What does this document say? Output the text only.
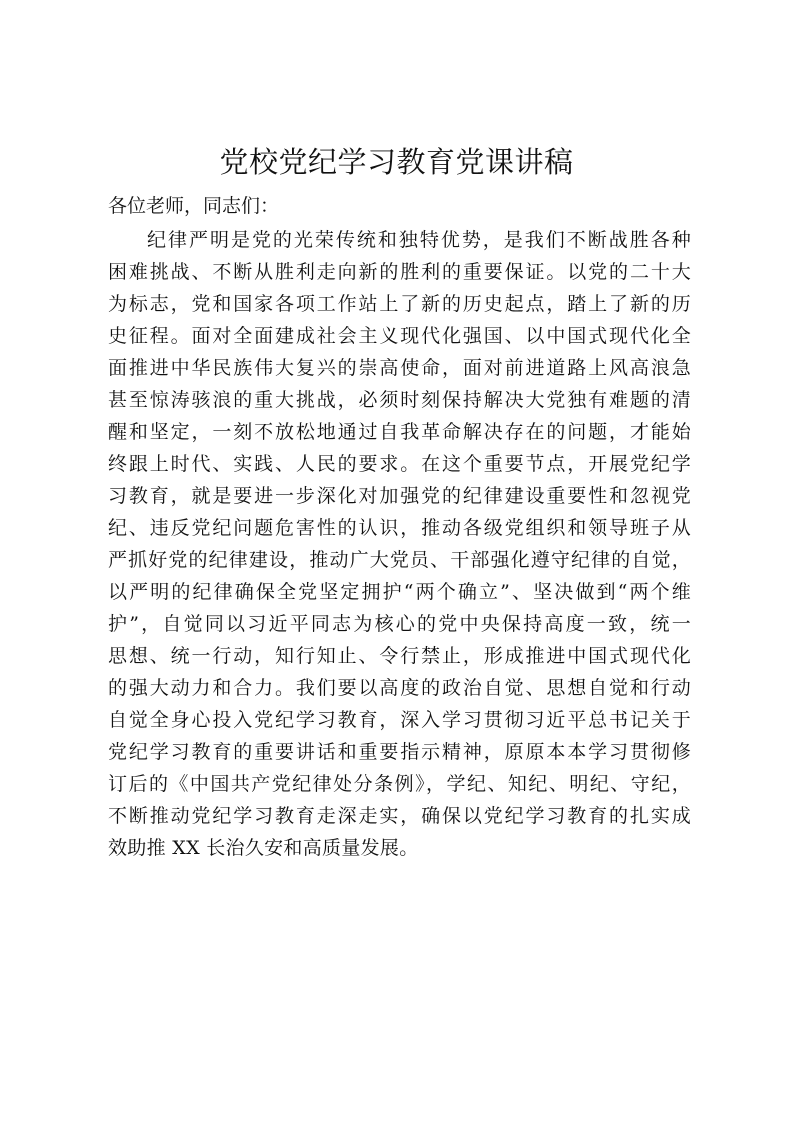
党校党纪学习教育党课讲稿
各位老师，同志们：
纪律严明是党的光荣传统和独特优势，是我们不断战胜各种
困难挑战、不断从胜利走向新的胜利的重要保证。以党的二十大
为标志，党和国家各项工作站上了新的历史起点，踏上了新的历
史征程。面对全面建成社会主义现代化强国、以中国式现代化全
面推进中华民族伟大复兴的崇高使命，面对前进道路上风高浪急
甚至惊涛骇浪的重大挑战，必须时刻保持解决大党独有难题的清
醒和坚定，一刻不放松地通过自我革命解决存在的问题，才能始
终跟上时代、实践、人民的要求。在这个重要节点，开展党纪学
习教育，就是要进一步深化对加强党的纪律建设重要性和忽视党
纪、违反党纪问题危害性的认识，推动各级党组织和领导班子从
严抓好党的纪律建设，推动广大党员、干部强化遵守纪律的自觉，
以严明的纪律确保全党坚定拥护“两个确立”、坚决做到“两个维
护”，自觉同以习近平同志为核心的党中央保持高度一致，统一
思想、统一行动，知行知止、令行禁止，形成推进中国式现代化
的强大动力和合力。我们要以高度的政治自觉、思想自觉和行动
自觉全身心投入党纪学习教育，深入学习贯彻习近平总书记关于
党纪学习教育的重要讲话和重要指示精神，原原本本学习贯彻修
订后的《中国共产党纪律处分条例》，学纪、知纪、明纪、守纪，
不断推动党纪学习教育走深走实，确保以党纪学习教育的扎实成
效助推 XX 长治久安和高质量发展。
